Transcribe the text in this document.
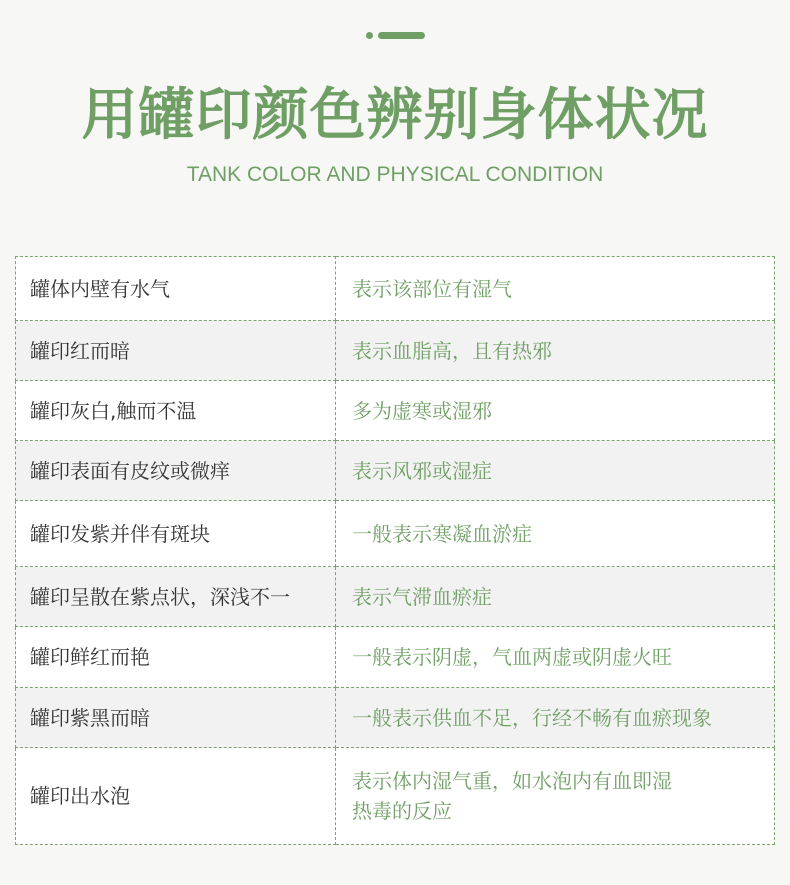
用罐印颜色辨别身体状况
TANK COLOR AND PHYSICAL CONDITION
罐体内壁有水气	表示该部位有湿气
罐印红而暗	表示血脂高，且有热邪
罐印灰白,触而不温	多为虚寒或湿邪
罐印表面有皮纹或微痒	表示风邪或湿症
罐印发紫并伴有斑块	一般表示寒凝血淤症
罐印呈散在紫点状，深浅不一	表示气滞血瘀症
罐印鲜红而艳	一般表示阴虚，气血两虚或阴虚火旺
罐印紫黑而暗	一般表示供血不足，行经不畅有血瘀现象
罐印出水泡	表示体内湿气重，如水泡内有血即湿热毒的反应
